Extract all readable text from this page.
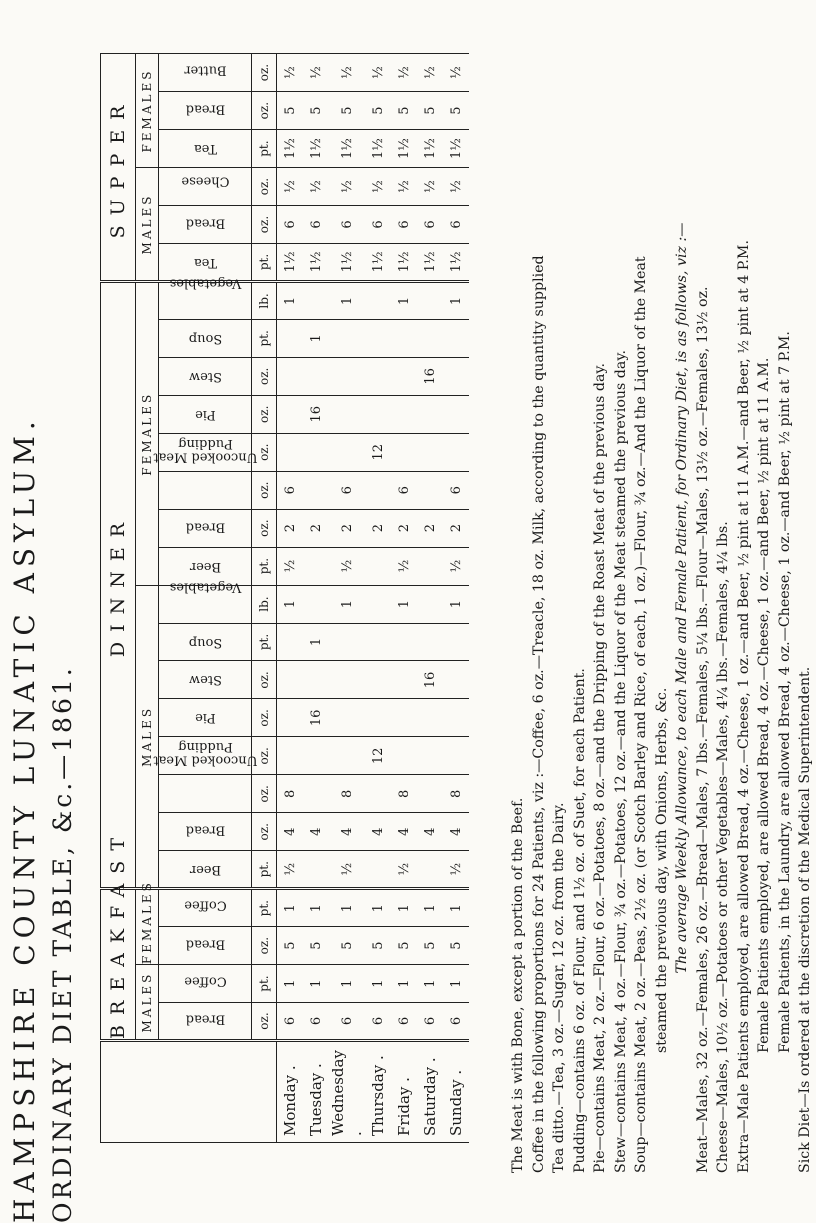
HAMPSHIRE COUNTY LUNATIC ASYLUM. ORDINARY DIET TABLE, &c.—1861.
	BREAKFAST				DINNER																SUPPER					
	MALES		FEMALES		MALES								FEMALES								MALES			FEMALES		
	Bread	Coffee	Bread	Coffee	Beer	Bread	Uncooked Meat	Pudding	Pie	Stew	Soup	Vegetables	Beer	Bread	Uncooked Meat	Pudding	Pie	Stew	Soup	Vegetables	Tea	Bread	Cheese	Tea	Bread	Butter
	oz.	pt.	oz.	pt.	pt.	oz.	oz.	oz.	oz.	oz.	pt.	lb.	pt.	oz.	oz.	oz.	oz.	oz.	pt.	lb.	pt.	oz.	oz.	pt.	oz.	oz.
Monday .	6	1	5	1	½	4	8					1	½	2	6					1	1½	6	½	1½	5	½
Tuesday .	6	1	5	1		4			16		1			2			16		1		1½	6	½	1½	5	½
Wednesday .	6	1	5	1	½	4	8					1	½	2	6					1	1½	6	½	1½	5	½
Thursday .	6	1	5	1		4		12						2		12					1½	6	½	1½	5	½
Friday .	6	1	5	1	½	4	8					1	½	2	6					1	1½	6	½	1½	5	½
Saturday .	6	1	5	1		4				16				2				16			1½	6	½	1½	5	½
Sunday .	6	1	5	1	½	4	8					1	½	2	6					1	1½	6	½	1½	5	½

The Meat is with Bone, except a portion of the Beef. Coffee in the following proportions for 24 Patients, viz :—Coffee, 6 oz.—Treacle, 18 oz. Milk, according to the quantity supplied Tea ditto.—Tea, 3 oz.—Sugar, 12 oz. from the Dairy. Pudding—contains 6 oz. of Flour, and 1½ oz. of Suet, for each Patient. Pie—contains Meat, 2 oz.—Flour, 6 oz.—Potatoes, 8 oz.—and the Dripping of the Roast Meat of the previous day. Stew—contains Meat, 4 oz.—Flour, ¾ oz.—Potatoes, 12 oz.—and the Liquor of the Meat steamed the previous day. Soup—contains Meat, 2 oz.—Peas, 2½ oz. (or Scotch Barley and Rice, of each, 1 oz.)—Flour, ¾ oz.—And the Liquor of the Meat steamed the previous day, with Onions, Herbs, &c. The average Weekly Allowance, to each Male and Female Patient, for Ordinary Diet, is as follows, viz :— Meat—Males, 32 oz.—Females, 26 oz.—Bread—Males, 7 lbs.—Females, 5¼ lbs.—Flour—Males, 13½ oz.—Females, 13½ oz. Cheese—Males, 10½ oz.—Potatoes or other Vegetables—Males, 4¼ lbs.—Females, 4¼ lbs. Extra—Male Patients employed, are allowed Bread, 4 oz.—Cheese, 1 oz.—and Beer, ½ pint at 11 A.M.—and Beer, ½ pint at 4 P.M. Female Patients employed, are allowed Bread, 4 oz.—Cheese, 1 oz.—and Beer, ½ pint at 11 A.M. Female Patients, in the Laundry, are allowed Bread, 4 oz.—Cheese, 1 oz.—and Beer, ½ pint at 7 P.M. Sick Diet—Is ordered at the discretion of the Medical Superintendent.
